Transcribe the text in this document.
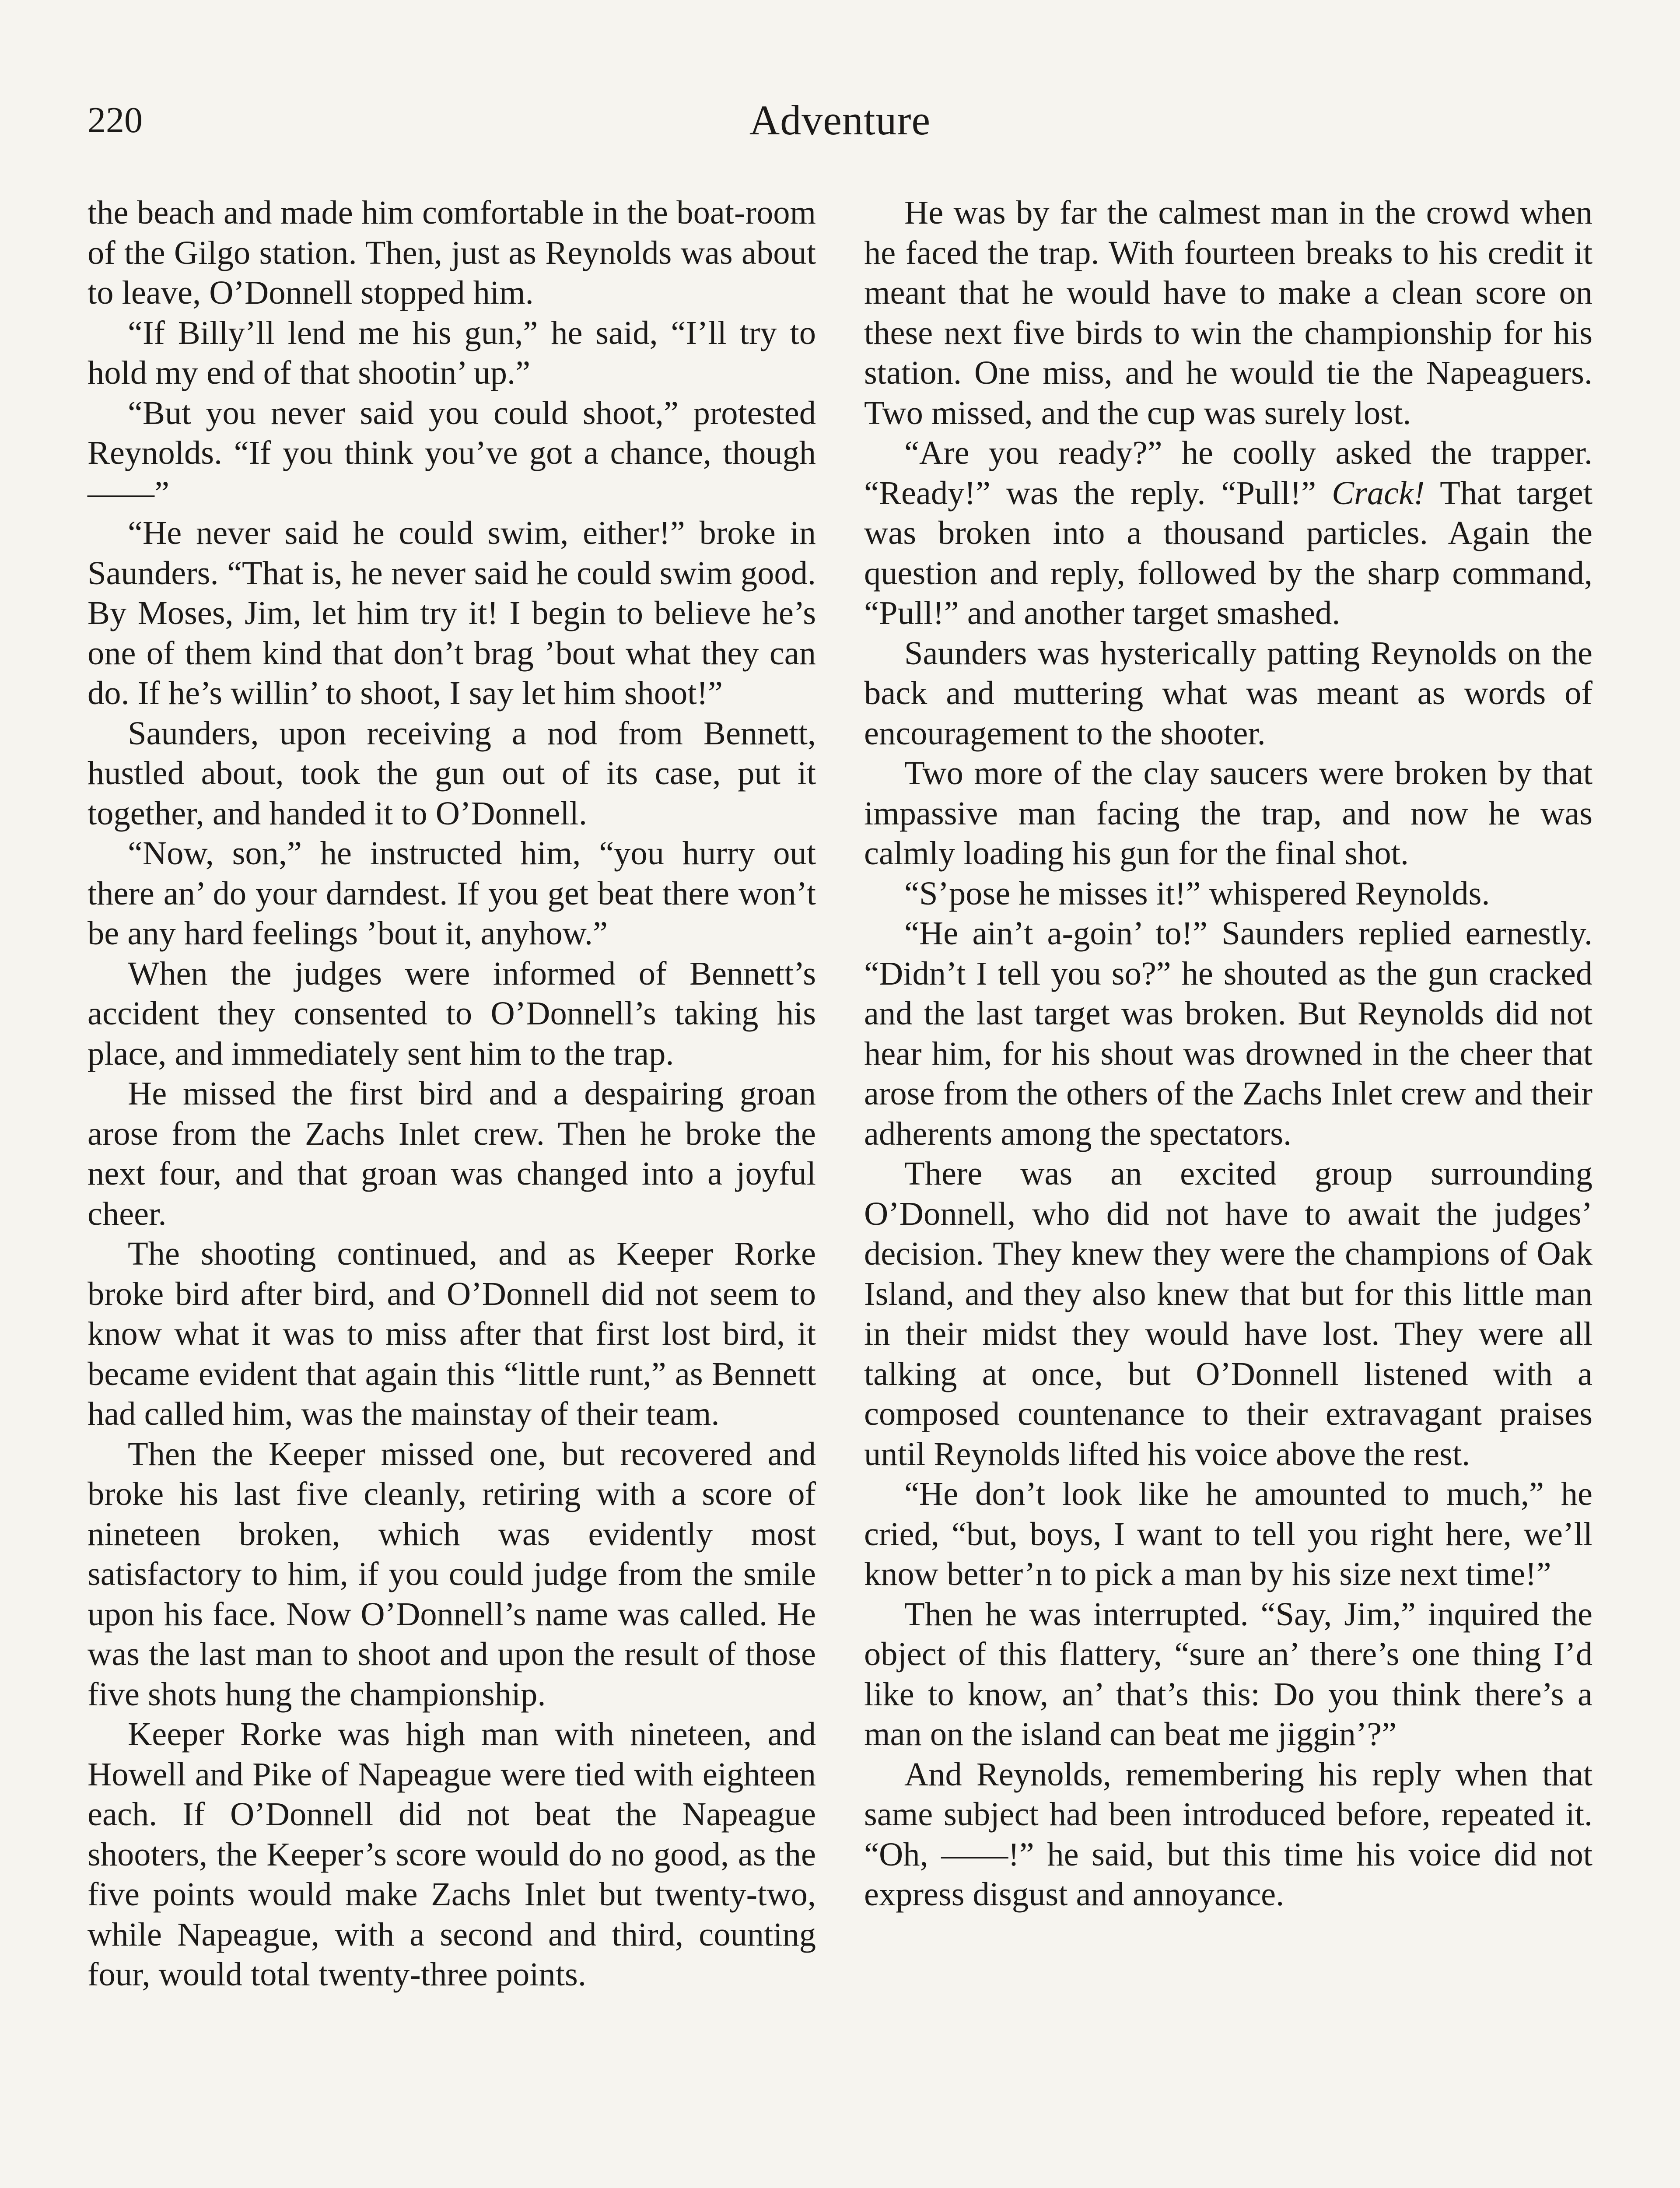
220	Adventure

the beach and made him comfortable in the boat-room of the Gilgo station. Then, just as Reynolds was about to leave, O’Donnell stopped him.

“If Billy’ll lend me his gun,” he said, “I’ll try to hold my end of that shootin’ up.”

“But you never said you could shoot,” protested Reynolds. “If you think you’ve got a chance, though——”

“He never said he could swim, either!” broke in Saunders. “That is, he never said he could swim good. By Moses, Jim, let him try it! I begin to believe he’s one of them kind that don’t brag ’bout what they can do. If he’s willin’ to shoot, I say let him shoot!”

Saunders, upon receiving a nod from Bennett, hustled about, took the gun out of its case, put it together, and handed it to O’Donnell.

“Now, son,” he instructed him, “you hurry out there an’ do your darndest. If you get beat there won’t be any hard feelings ’bout it, anyhow.”

When the judges were informed of Bennett’s accident they consented to O’Donnell’s taking his place, and immediately sent him to the trap.

He missed the first bird and a despairing groan arose from the Zachs Inlet crew. Then he broke the next four, and that groan was changed into a joyful cheer.

The shooting continued, and as Keeper Rorke broke bird after bird, and O’Donnell did not seem to know what it was to miss after that first lost bird, it became evident that again this “little runt,” as Bennett had called him, was the mainstay of their team.

Then the Keeper missed one, but recovered and broke his last five cleanly, retiring with a score of nineteen broken, which was evidently most satisfactory to him, if you could judge from the smile upon his face. Now O’Donnell’s name was called. He was the last man to shoot and upon the result of those five shots hung the championship.

Keeper Rorke was high man with nineteen, and Howell and Pike of Napeague were tied with eighteen each. If O’Donnell did not beat the Napeague shooters, the Keeper’s score would do no good, as the five points would make Zachs Inlet but twenty-two, while Napeague, with a second and third, counting four, would total twenty-three points.

He was by far the calmest man in the crowd when he faced the trap. With fourteen breaks to his credit it meant that he would have to make a clean score on these next five birds to win the championship for his station. One miss, and he would tie the Napeaguers. Two missed, and the cup was surely lost.

“Are you ready?” he coolly asked the trapper. “Ready!” was the reply. “Pull!” Crack! That target was broken into a thousand particles. Again the question and reply, followed by the sharp command, “Pull!” and another target smashed.

Saunders was hysterically patting Reynolds on the back and muttering what was meant as words of encouragement to the shooter.

Two more of the clay saucers were broken by that impassive man facing the trap, and now he was calmly loading his gun for the final shot.

“S’pose he misses it!” whispered Reynolds.

“He ain’t a-goin’ to!” Saunders replied earnestly. “Didn’t I tell you so?” he shouted as the gun cracked and the last target was broken. But Reynolds did not hear him, for his shout was drowned in the cheer that arose from the others of the Zachs Inlet crew and their adherents among the spectators.

There was an excited group surrounding O’Donnell, who did not have to await the judges’ decision. They knew they were the champions of Oak Island, and they also knew that but for this little man in their midst they would have lost. They were all talking at once, but O’Donnell listened with a composed countenance to their extravagant praises until Reynolds lifted his voice above the rest.

“He don’t look like he amounted to much,” he cried, “but, boys, I want to tell you right here, we’ll know better’n to pick a man by his size next time!”

Then he was interrupted. “Say, Jim,” inquired the object of this flattery, “sure an’ there’s one thing I’d like to know, an’ that’s this: Do you think there’s a man on the island can beat me jiggin’?”

And Reynolds, remembering his reply when that same subject had been introduced before, repeated it. “Oh, ——!” he said, but this time his voice did not express disgust and annoyance.
